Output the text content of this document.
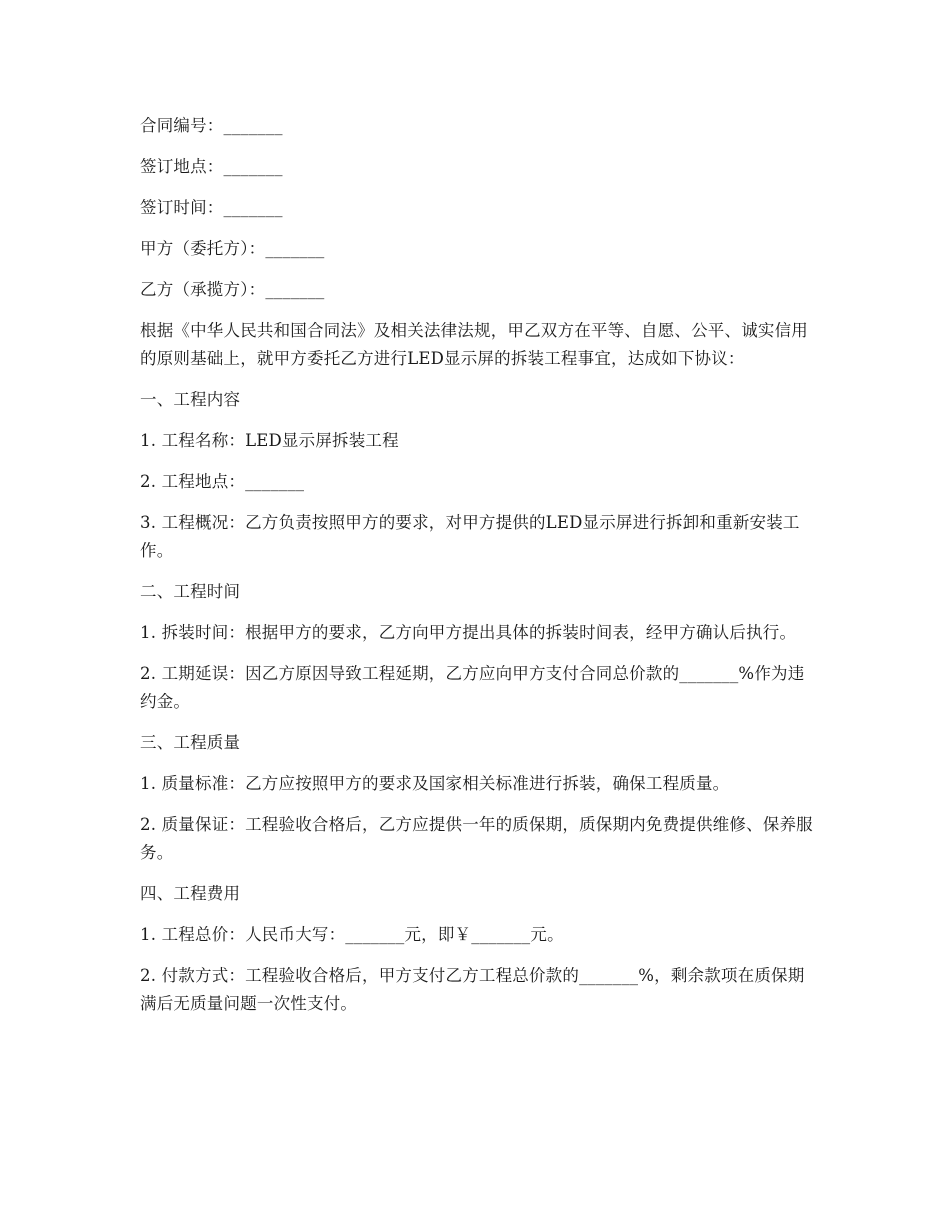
合同编号：_______

签订地点：_______

签订时间：_______

甲方（委托方）：_______

乙方（承揽方）：_______

根据《中华人民共和国合同法》及相关法律法规，甲乙双方在平等、自愿、公平、诚实信用的原则基础上，就甲方委托乙方进行LED显示屏的拆装工程事宜，达成如下协议：

一、工程内容

1. 工程名称：LED显示屏拆装工程

2. 工程地点：_______

3. 工程概况：乙方负责按照甲方的要求，对甲方提供的LED显示屏进行拆卸和重新安装工作。

二、工程时间

1. 拆装时间：根据甲方的要求，乙方向甲方提出具体的拆装时间表，经甲方确认后执行。

2. 工期延误：因乙方原因导致工程延期，乙方应向甲方支付合同总价款的_______%作为违约金。

三、工程质量

1. 质量标准：乙方应按照甲方的要求及国家相关标准进行拆装，确保工程质量。

2. 质量保证：工程验收合格后，乙方应提供一年的质保期，质保期内免费提供维修、保养服务。

四、工程费用

1. 工程总价：人民币大写：_______元，即￥_______元。

2. 付款方式：工程验收合格后，甲方支付乙方工程总价款的_______%，剩余款项在质保期满后无质量问题一次性支付。
